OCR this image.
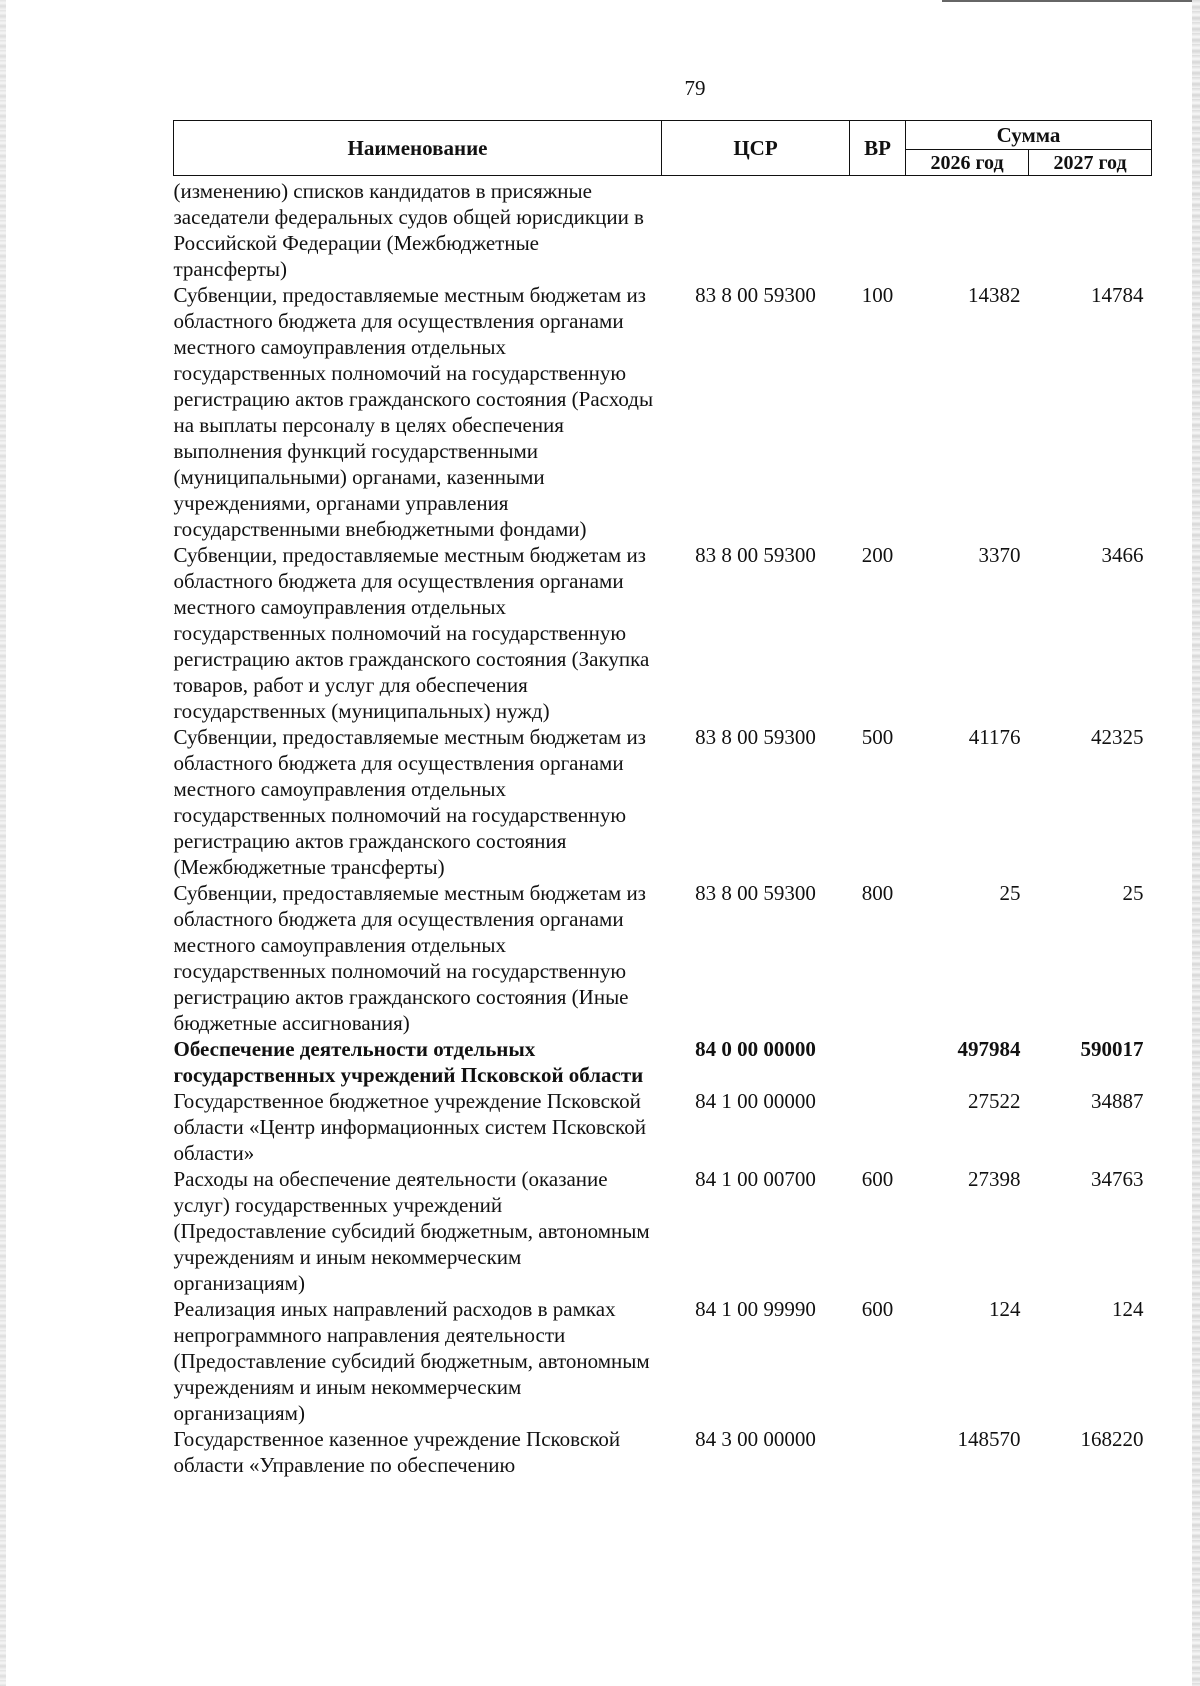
79
Наименование	ЦСР	ВР	Сумма	
			2026 год	2027 год
(изменению) списков кандидатов в присяжные заседатели федеральных судов общей юрисдикции в Российской Федерации (Межбюджетные трансферты)				
Субвенции, предоставляемые местным бюджетам из областного бюджета для осуществления органами местного самоуправления отдельных государственных полномочий на государственную регистрацию актов гражданского состояния (Расходы на выплаты персоналу в целях обеспечения выполнения функций государственными (муниципальными) органами, казенными учреждениями, органами управления государственными внебюджетными фондами)	83 8 00 59300	100	14382	14784
Субвенции, предоставляемые местным бюджетам из областного бюджета для осуществления органами местного самоуправления отдельных государственных полномочий на государственную регистрацию актов гражданского состояния (Закупка товаров, работ и услуг для обеспечения государственных (муниципальных) нужд)	83 8 00 59300	200	3370	3466
Субвенции, предоставляемые местным бюджетам из областного бюджета для осуществления органами местного самоуправления отдельных государственных полномочий на государственную регистрацию актов гражданского состояния (Межбюджетные трансферты)	83 8 00 59300	500	41176	42325
Субвенции, предоставляемые местным бюджетам из областного бюджета для осуществления органами местного самоуправления отдельных государственных полномочий на государственную регистрацию актов гражданского состояния (Иные бюджетные ассигнования)	83 8 00 59300	800	25	25
Обеспечение деятельности отдельных государственных учреждений Псковской области	84 0 00 00000		497984	590017
Государственное бюджетное учреждение Псковской области «Центр информационных систем Псковской области»	84 1 00 00000		27522	34887
Расходы на обеспечение деятельности (оказание услуг) государственных учреждений (Предоставление субсидий бюджетным, автономным учреждениям и иным некоммерческим организациям)	84 1 00 00700	600	27398	34763
Реализация иных направлений расходов в рамках непрограммного направления деятельности (Предоставление субсидий бюджетным, автономным учреждениям и иным некоммерческим организациям)	84 1 00 99990	600	124	124
Государственное казенное учреждение Псковской области «Управление по обеспечению	84 3 00 00000		148570	168220
